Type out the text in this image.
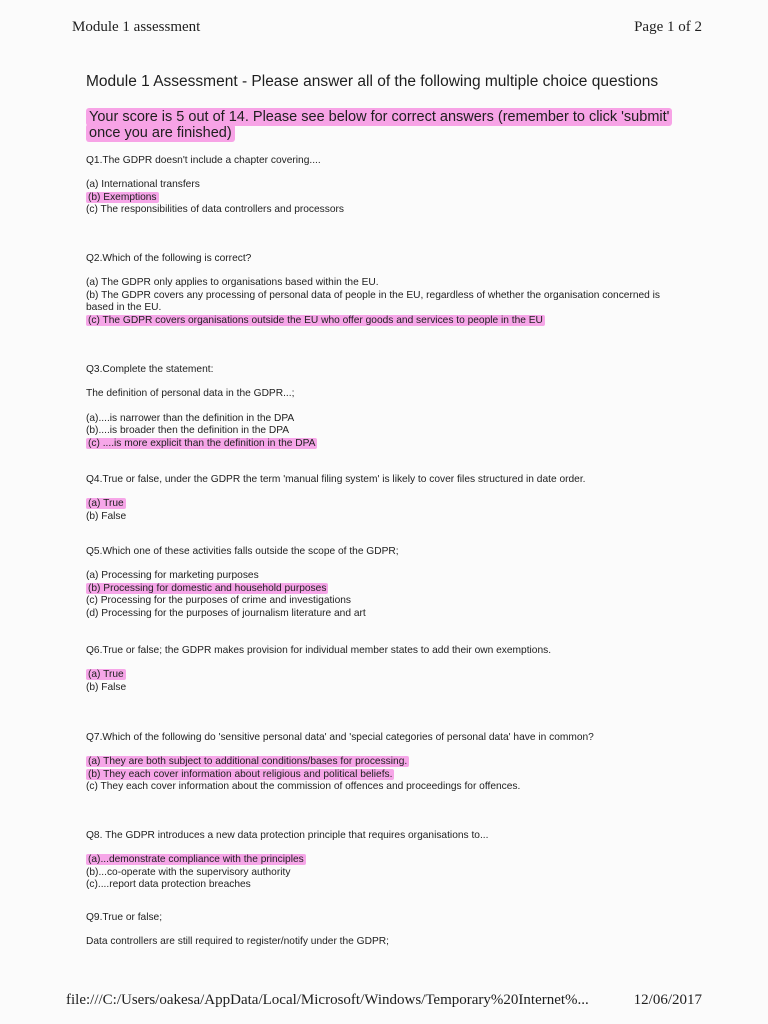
Module 1 assessment	Page 1 of 2
Module 1 Assessment - Please answer all of the following multiple choice questions
Your score is 5 out of 14. Please see below for correct answers (remember to click 'submit' once you are finished)
Q1.The GDPR doesn't include a chapter covering....
(a) International transfers
(b) Exemptions
(c) The responsibilities of data controllers and processors
Q2.Which of the following is correct?
(a) The GDPR only applies to organisations based within the EU.
(b) The GDPR covers any processing of personal data of people in the EU, regardless of whether the organisation concerned is based in the EU.
(c) The GDPR covers organisations outside the EU who offer goods and services to people in the EU
Q3.Complete the statement:
The definition of personal data in the GDPR...;
(a)....is narrower than the definition in the DPA
(b)....is broader then the definition in the DPA
(c) ....is more explicit than the definition in the DPA
Q4.True or false, under the GDPR the term 'manual filing system' is likely to cover files structured in date order.
(a) True
(b) False
Q5.Which one of these activities falls outside the scope of the GDPR;
(a) Processing for marketing purposes
(b) Processing for domestic and household purposes
(c) Processing for the purposes of crime and investigations
(d) Processing for the purposes of journalism literature and art
Q6.True or false; the GDPR makes provision for individual member states to add their own exemptions.
(a) True
(b) False
Q7.Which of the following do 'sensitive personal data' and 'special categories of personal data' have in common?
(a) They are both subject to additional conditions/bases for processing.
(b) They each cover information about religious and political beliefs.
(c) They each cover information about the commission of offences and proceedings for offences.
Q8. The GDPR introduces a new data protection principle that requires organisations to...
(a)...demonstrate compliance with the principles
(b)...co-operate with the supervisory authority
(c)....report data protection breaches
Q9.True or false;
Data controllers are still required to register/notify under the GDPR;
file:///C:/Users/oakesa/AppData/Local/Microsoft/Windows/Temporary%20Internet%...	12/06/2017
